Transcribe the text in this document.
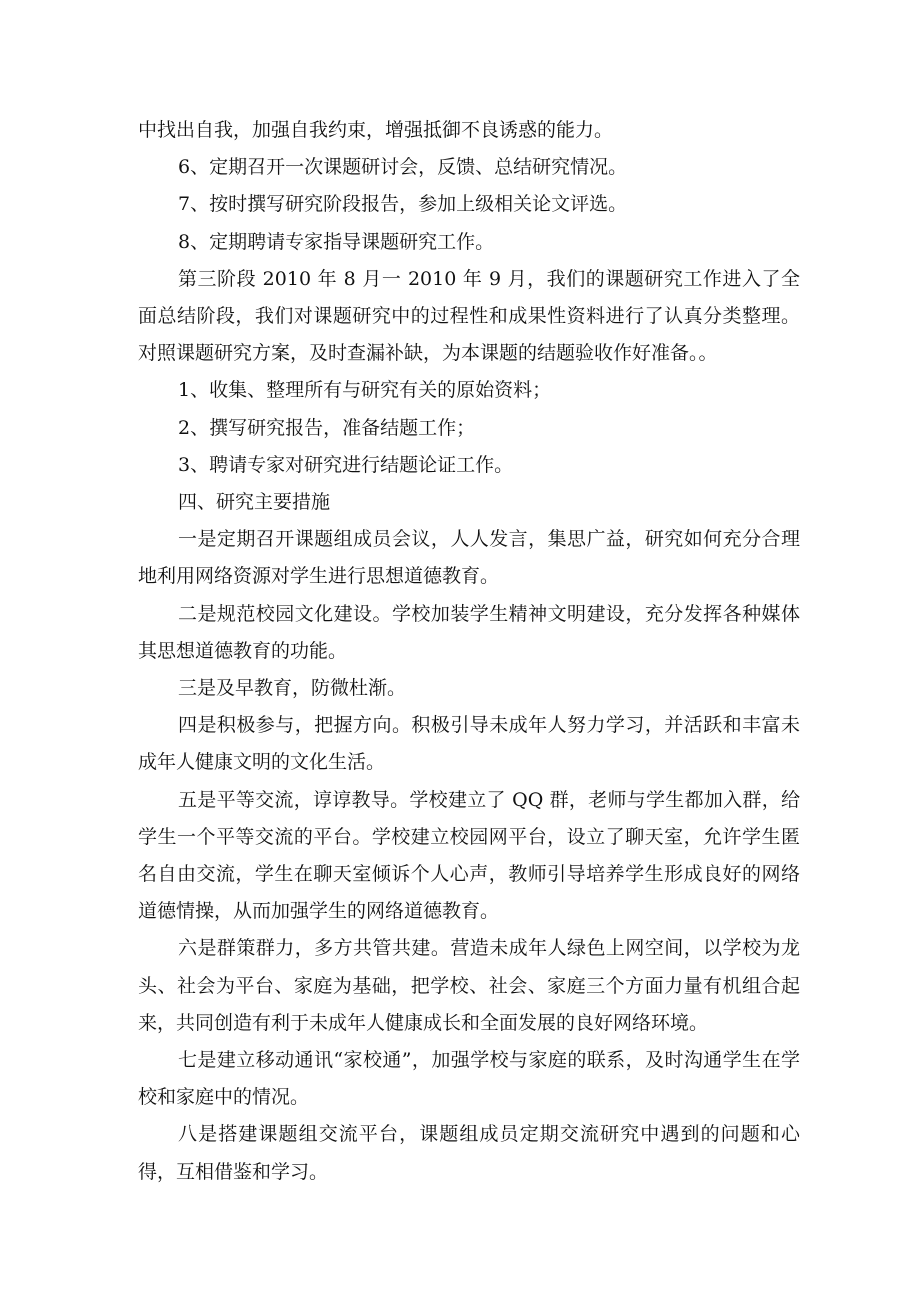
中找出自我，加强自我约束，增强抵御不良诱惑的能力。

6、定期召开一次课题研讨会，反馈、总结研究情况。

7、按时撰写研究阶段报告，参加上级相关论文评选。

8、定期聘请专家指导课题研究工作。

第三阶段 2010 年 8 月一 2010 年 9 月，我们的课题研究工作进入了全面总结阶段，我们对课题研究中的过程性和成果性资料进行了认真分类整理。对照课题研究方案，及时查漏补缺，为本课题的结题验收作好准备。。

1、收集、整理所有与研究有关的原始资料；

2、撰写研究报告，准备结题工作；

3、聘请专家对研究进行结题论证工作。

四、研究主要措施

一是定期召开课题组成员会议，人人发言，集思广益，研究如何充分合理地利用网络资源对学生进行思想道德教育。

二是规范校园文化建设。学校加装学生精神文明建设，充分发挥各种媒体其思想道德教育的功能。

三是及早教育，防微杜渐。

四是积极参与，把握方向。积极引导未成年人努力学习，并活跃和丰富未成年人健康文明的文化生活。

五是平等交流，谆谆教导。学校建立了 QQ 群，老师与学生都加入群，给学生一个平等交流的平台。学校建立校园网平台，设立了聊天室，允许学生匿名自由交流，学生在聊天室倾诉个人心声，教师引导培养学生形成良好的网络道德情操，从而加强学生的网络道德教育。

六是群策群力，多方共管共建。营造未成年人绿色上网空间，以学校为龙头、社会为平台、家庭为基础，把学校、社会、家庭三个方面力量有机组合起来，共同创造有利于未成年人健康成长和全面发展的良好网络环境。

七是建立移动通讯“家校通”，加强学校与家庭的联系，及时沟通学生在学校和家庭中的情况。

八是搭建课题组交流平台，课题组成员定期交流研究中遇到的问题和心得，互相借鉴和学习。
